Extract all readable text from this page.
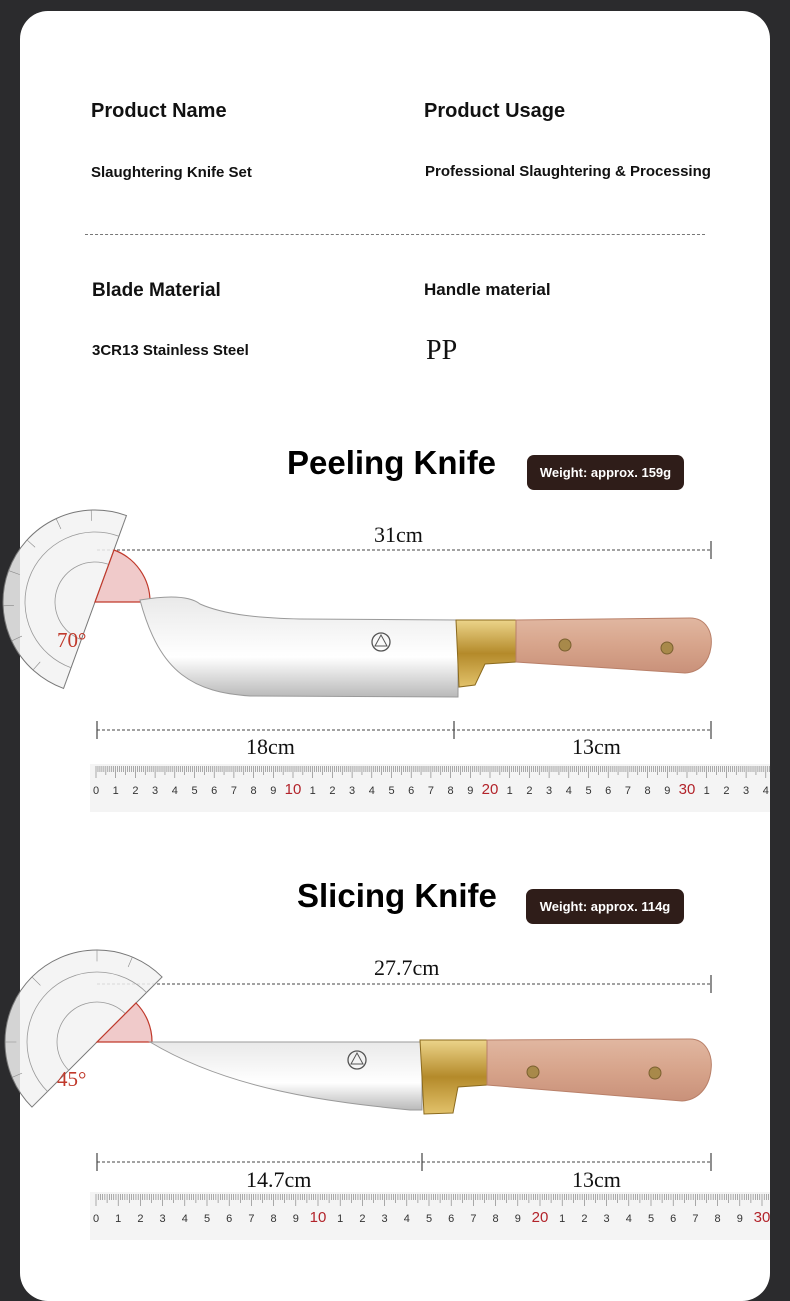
Product Name	Product Usage
Slaughtering Knife Set	Professional Slaughtering & Processing
Blade Material	Handle material
3CR13 Stainless Steel	PP
Peeling Knife	Weight: approx. 159g
0 1 2 3 4 5 6 7 8 9 10 1 2 3 4 5 6 7 8 9 20 1 2 3 4 5 6 7 8 9 30 1 2 3 4
31cm
70°
18cm	13cm
Slicing Knife	Weight: approx. 114g
0 1 2 3 4 5 6 7 8 9 10 1 2 3 4 5 6 7 8 9 20 1 2 3 4 5 6 7 8 9 30
27.7cm
45°
14.7cm	13cm
